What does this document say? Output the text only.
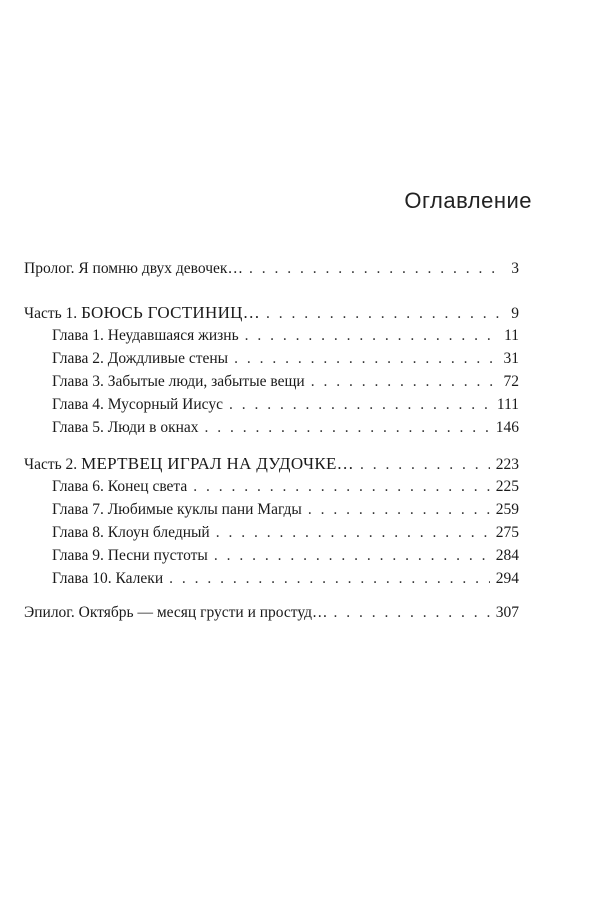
Оглавление
Пролог. Я помню двух девочек… . . .	3
Часть 1. БОЮСЬ ГОСТИНИЦ… . . .	9
Глава 1. Неудавшаяся жизнь . . .	11
Глава 2. Дождливые стены . . .	31
Глава 3. Забытые люди, забытые вещи . . .	72
Глава 4. Мусорный Иисус . . .	111
Глава 5. Люди в окнах . . .	146
Часть 2. МЕРТВЕЦ ИГРАЛ НА ДУДОЧКЕ… . . .	223
Глава 6. Конец света . . .	225
Глава 7. Любимые куклы пани Магды . . .	259
Глава 8. Клоун бледный . . .	275
Глава 9. Песни пустоты . . .	284
Глава 10. Калеки . . .	294
Эпилог. Октябрь — месяц грусти и простуд… . . .	307
